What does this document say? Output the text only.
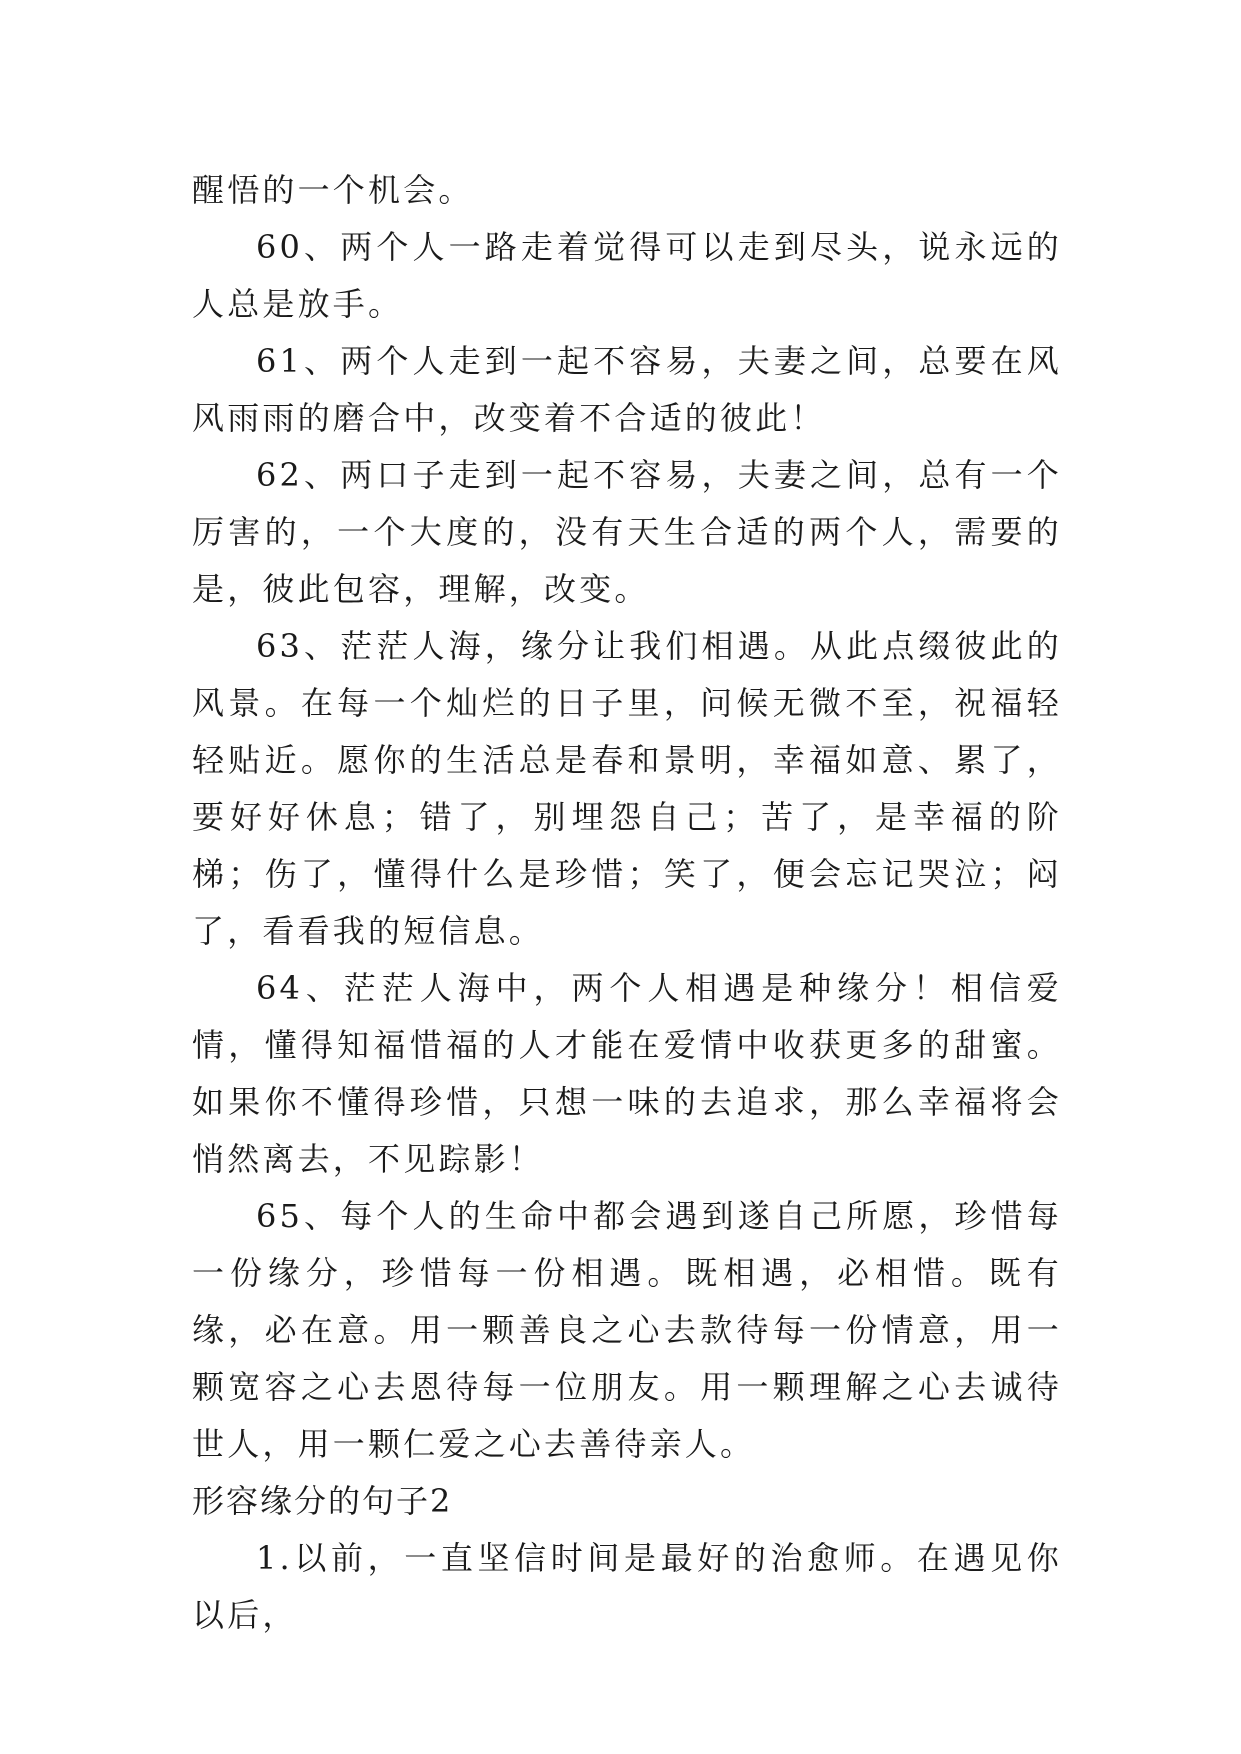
醒悟的一个机会。

60、两个人一路走着觉得可以走到尽头，说永远的人总是放手。

61、两个人走到一起不容易，夫妻之间，总要在风风雨雨的磨合中，改变着不合适的彼此！

62、两口子走到一起不容易，夫妻之间，总有一个厉害的，一个大度的，没有天生合适的两个人，需要的是，彼此包容，理解，改变。

63、茫茫人海，缘分让我们相遇。从此点缀彼此的风景。在每一个灿烂的日子里，问候无微不至，祝福轻轻贴近。愿你的生活总是春和景明，幸福如意、累了，要好好休息；错了，别埋怨自己；苦了，是幸福的阶梯；伤了，懂得什么是珍惜；笑了，便会忘记哭泣；闷了，看看我的短信息。

64、茫茫人海中，两个人相遇是种缘分！相信爱情，懂得知福惜福的人才能在爱情中收获更多的甜蜜。如果你不懂得珍惜，只想一味的去追求，那么幸福将会悄然离去，不见踪影！

65、每个人的生命中都会遇到遂自己所愿，珍惜每一份缘分，珍惜每一份相遇。既相遇，必相惜。既有缘，必在意。用一颗善良之心去款待每一份情意，用一颗宽容之心去恩待每一位朋友。用一颗理解之心去诚待世人，用一颗仁爱之心去善待亲人。

形容缘分的句子2

1.以前，一直坚信时间是最好的治愈师。在遇见你以后，
